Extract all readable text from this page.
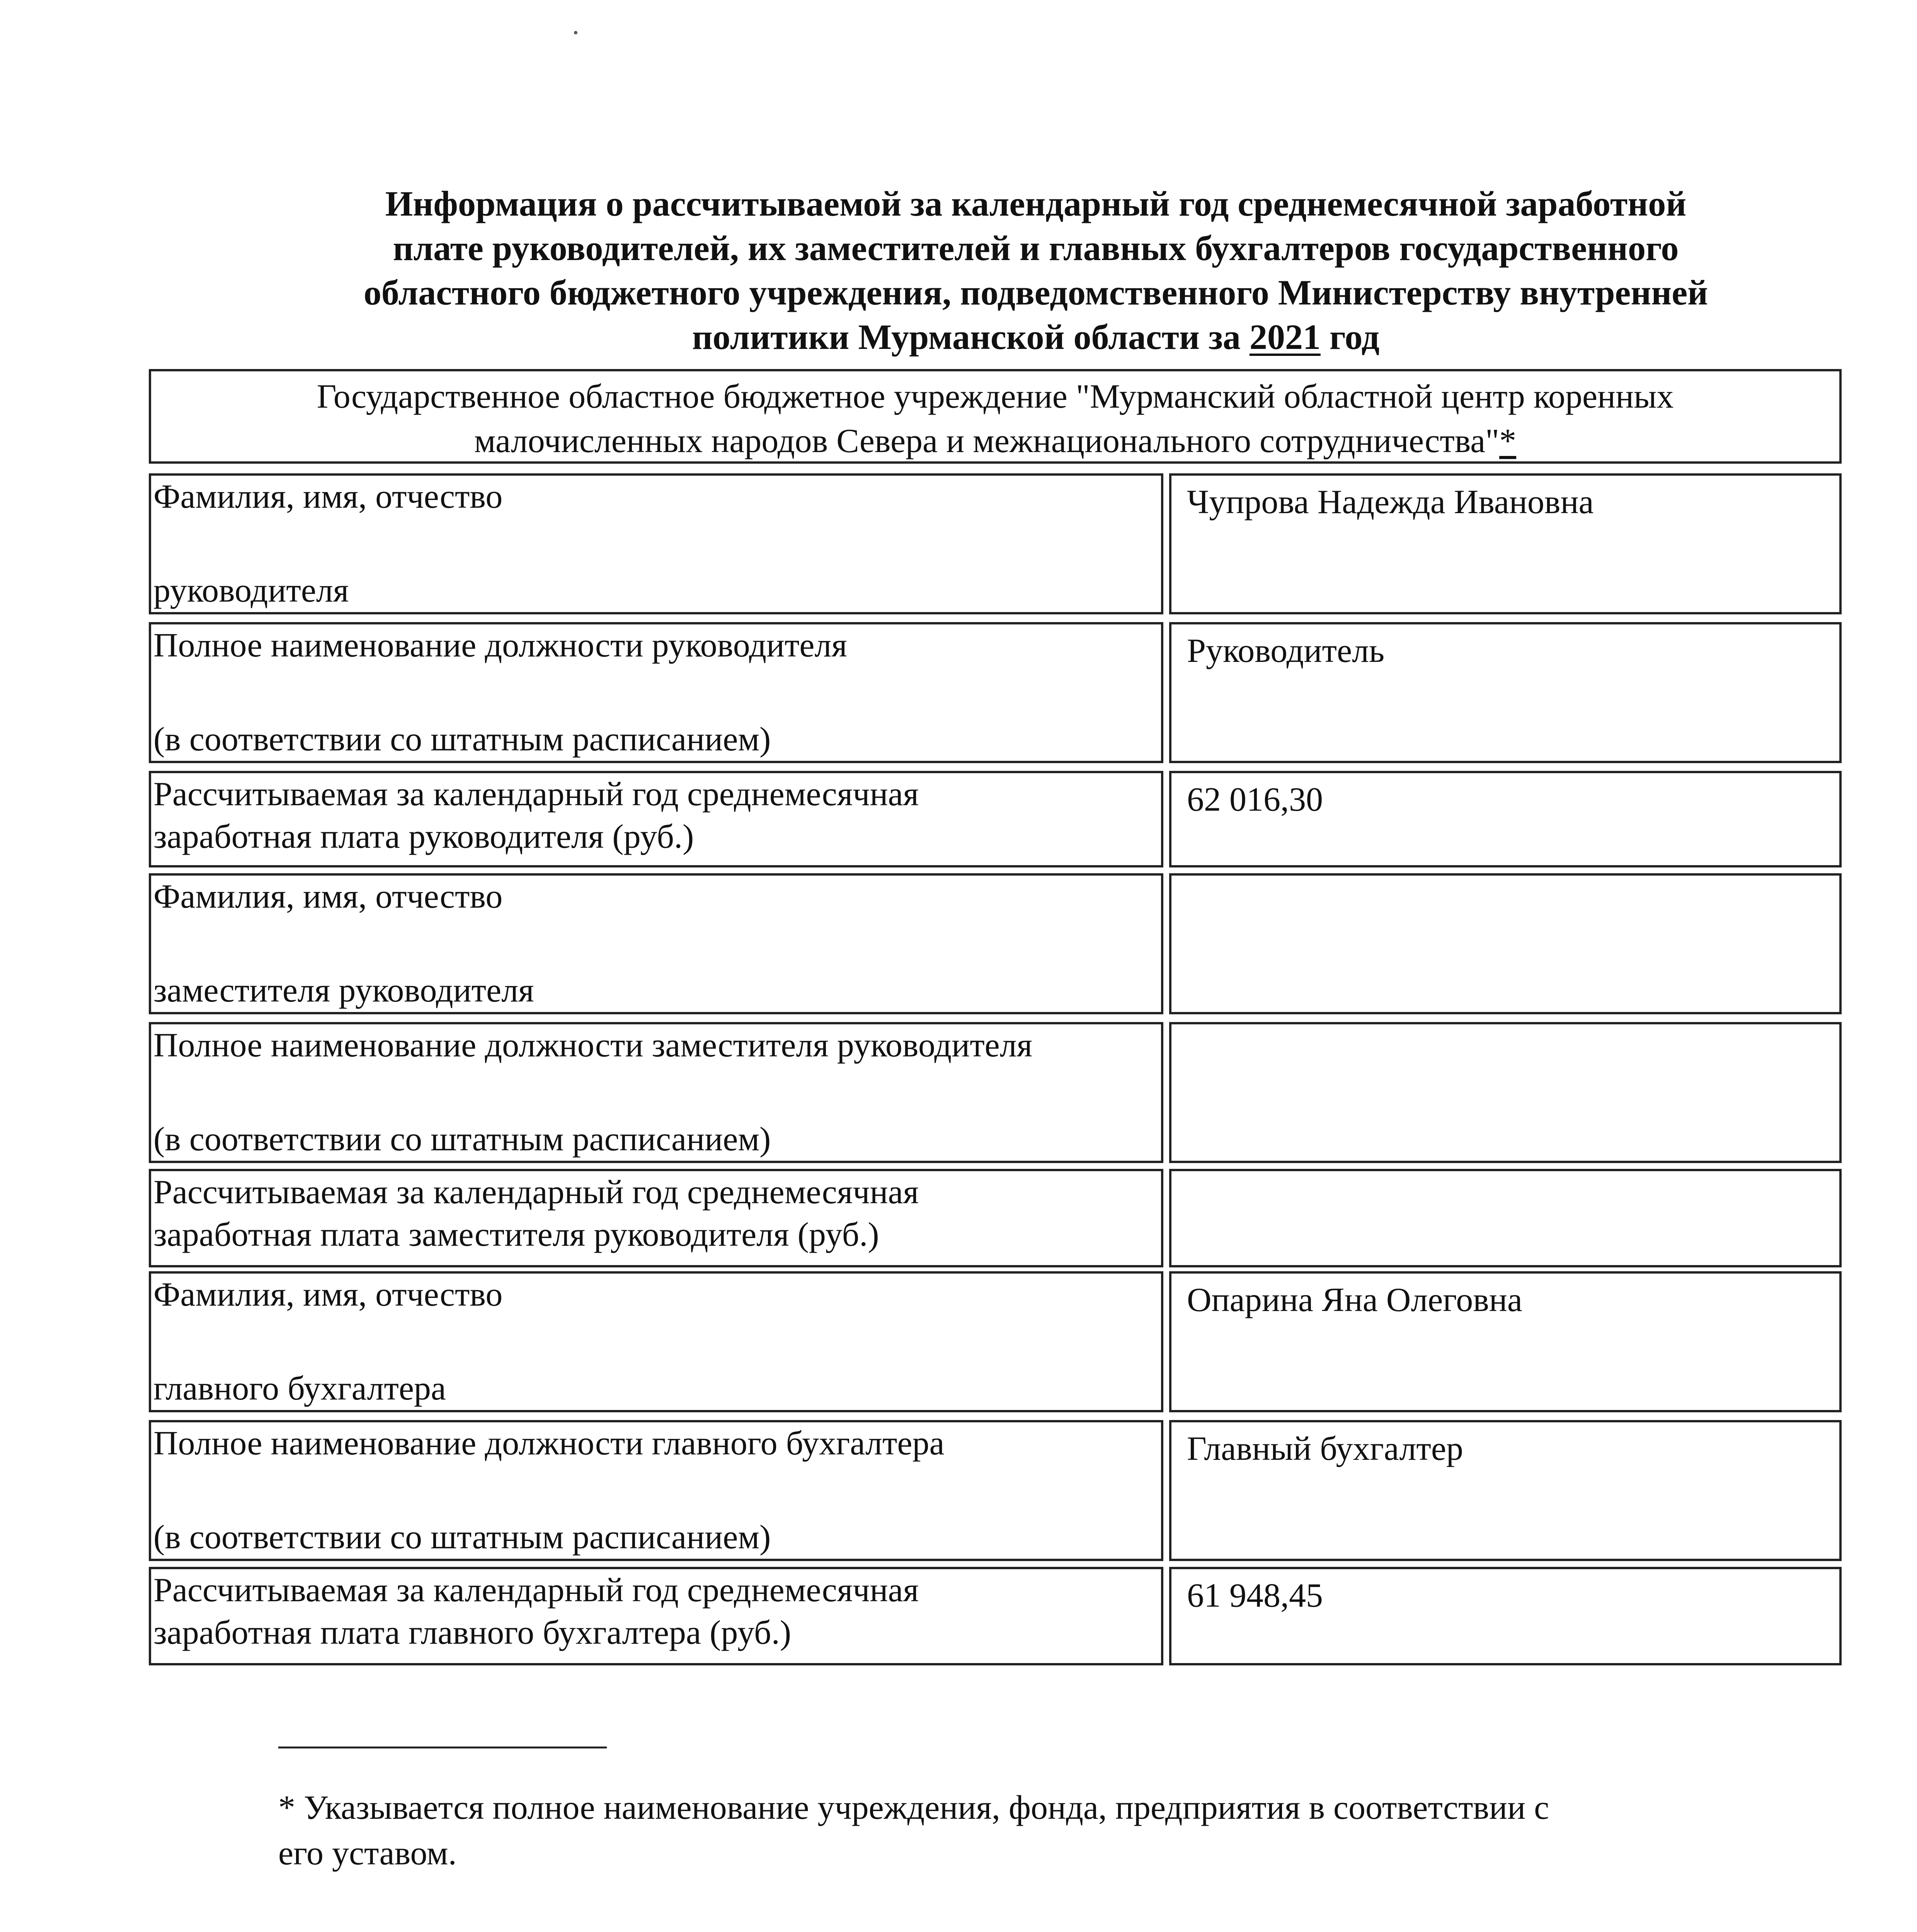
Информация о рассчитываемой за календарный год среднемесячной заработной
плате руководителей, их заместителей и главных бухгалтеров государственного
областного бюджетного учреждения, подведомственного Министерству внутренней
политики Мурманской области за 2021 год
Государственное областное бюджетное учреждение "Мурманский областной центр коренных
малочисленных народов Севера и межнационального сотрудничества"*
Фамилия, имя, отчество
руководителя
Чупрова Надежда Ивановна
Полное наименование должности руководителя
(в соответствии со штатным расписанием)
Руководитель
Рассчитываемая за календарный год среднемесячная
заработная плата руководителя (руб.)
62 016,30
Фамилия, имя, отчество
заместителя руководителя
Полное наименование должности заместителя руководителя
(в соответствии со штатным расписанием)
Рассчитываемая за календарный год среднемесячная
заработная плата заместителя руководителя (руб.)
Фамилия, имя, отчество
главного бухгалтера
Опарина Яна Олеговна
Полное наименование должности главного бухгалтера
(в соответствии со штатным расписанием)
Главный бухгалтер
Рассчитываемая за календарный год среднемесячная
заработная плата главного бухгалтера (руб.)
61 948,45
* Указывается полное наименование учреждения, фонда, предприятия в соответствии с
его уставом.
